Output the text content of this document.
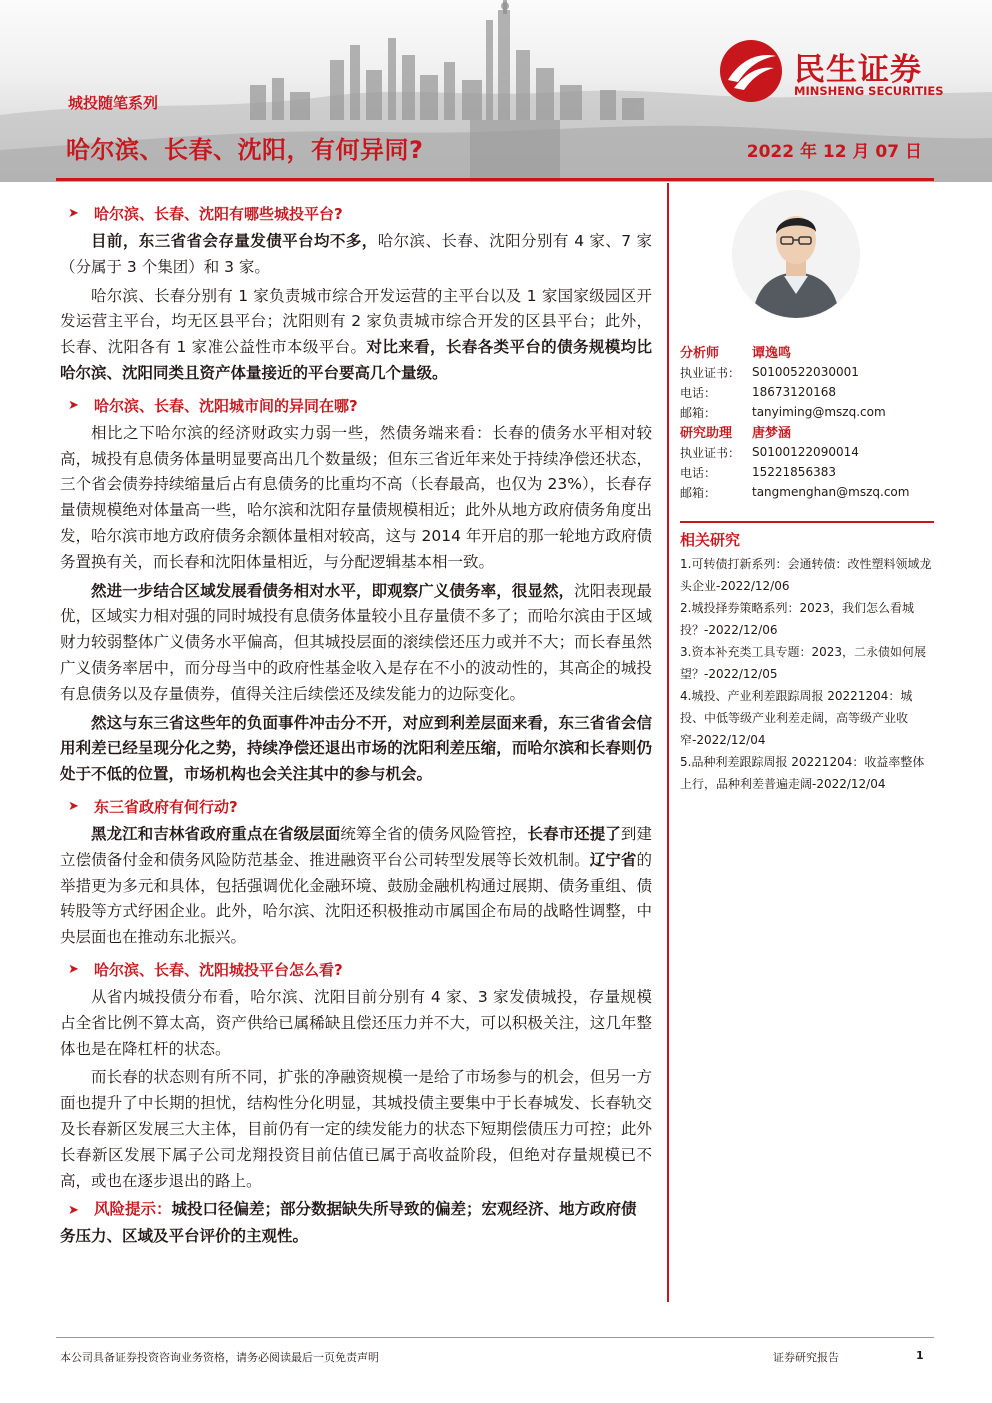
城投随笔系列
哈尔滨、长春、沈阳，有何异同?	2022 年 12 月 07 日
民生证券
MINSHENG SECURITIES
➤	哈尔滨、长春、沈阳有哪些城投平台?

目前，东三省省会存量发债平台均不多，哈尔滨、长春、沈阳分别有 4 家、7 家（分属于 3 个集团）和 3 家。

哈尔滨、长春分别有 1 家负责城市综合开发运营的主平台以及 1 家国家级园区开发运营主平台，均无区县平台；沈阳则有 2 家负责城市综合开发的区县平台；此外，长春、沈阳各有 1 家准公益性市本级平台。对比来看，长春各类平台的债务规模均比哈尔滨、沈阳同类且资产体量接近的平台要高几个量级。

➤	哈尔滨、长春、沈阳城市间的异同在哪?

相比之下哈尔滨的经济财政实力弱一些，然债务端来看：长春的债务水平相对较高，城投有息债务体量明显要高出几个数量级；但东三省近年来处于持续净偿还状态，三个省会债券持续缩量后占有息债务的比重均不高（长春最高，也仅为 23%），长春存量债规模绝对体量高一些，哈尔滨和沈阳存量债规模相近；此外从地方政府债务角度出发，哈尔滨市地方政府债务余额体量相对较高，这与 2014 年开启的那一轮地方政府债务置换有关，而长春和沈阳体量相近，与分配逻辑基本相一致。

然进一步结合区域发展看债务相对水平，即观察广义债务率，很显然，沈阳表现最优，区域实力相对强的同时城投有息债务体量较小且存量债不多了；而哈尔滨由于区域财力较弱整体广义债务水平偏高，但其城投层面的滚续偿还压力或并不大；而长春虽然广义债务率居中，而分母当中的政府性基金收入是存在不小的波动性的，其高企的城投有息债务以及存量债券，值得关注后续偿还及续发能力的边际变化。

然这与东三省这些年的负面事件冲击分不开，对应到利差层面来看，东三省省会信用利差已经呈现分化之势，持续净偿还退出市场的沈阳利差压缩，而哈尔滨和长春则仍处于不低的位置，市场机构也会关注其中的参与机会。

➤	东三省政府有何行动?

黑龙江和吉林省政府重点在省级层面统筹全省的债务风险管控，长春市还提了到建立偿债备付金和债务风险防范基金、推进融资平台公司转型发展等长效机制。辽宁省的举措更为多元和具体，包括强调优化金融环境、鼓励金融机构通过展期、债务重组、债转股等方式纾困企业。此外，哈尔滨、沈阳还积极推动市属国企布局的战略性调整，中央层面也在推动东北振兴。

➤	哈尔滨、长春、沈阳城投平台怎么看?

从省内城投债分布看，哈尔滨、沈阳目前分别有 4 家、3 家发债城投，存量规模占全省比例不算太高，资产供给已属稀缺且偿还压力并不大，可以积极关注，这几年整体也是在降杠杆的状态。

而长春的状态则有所不同，扩张的净融资规模一是给了市场参与的机会，但另一方面也提升了中长期的担忧，结构性分化明显，其城投债主要集中于长春城发、长春轨交及长春新区发展三大主体，目前仍有一定的续发能力的状态下短期偿债压力可控；此外长春新区发展下属子公司龙翔投资目前估值已属于高收益阶段，但绝对存量规模已不高，或也在逐步退出的路上。

➤ 风险提示：城投口径偏差；部分数据缺失所导致的偏差；宏观经济、地方政府债务压力、区域及平台评价的主观性。

分析师	谭逸鸣
执业证书： S0100522030001
电话：	18673120168
邮箱：	tanyiming@mszq.com
研究助理	唐梦涵
执业证书： S0100122090014
电话：	15221856383
邮箱：	tangmenghan@mszq.com
相关研究
1.可转债打新系列：会通转债：改性塑料领域龙头企业-2022/12/06
2.城投择券策略系列：2023，我们怎么看城投？-2022/12/06
3.资本补充类工具专题：2023，二永债如何展望？-2022/12/05
4.城投、产业利差跟踪周报 20221204：城投、中低等级产业利差走阔，高等级产业收窄-2022/12/04
5.品种利差跟踪周报 20221204：收益率整体上行，品种利差普遍走阔-2022/12/04
本公司具备证券投资咨询业务资格，请务必阅读最后一页免责声明	证券研究报告	1
